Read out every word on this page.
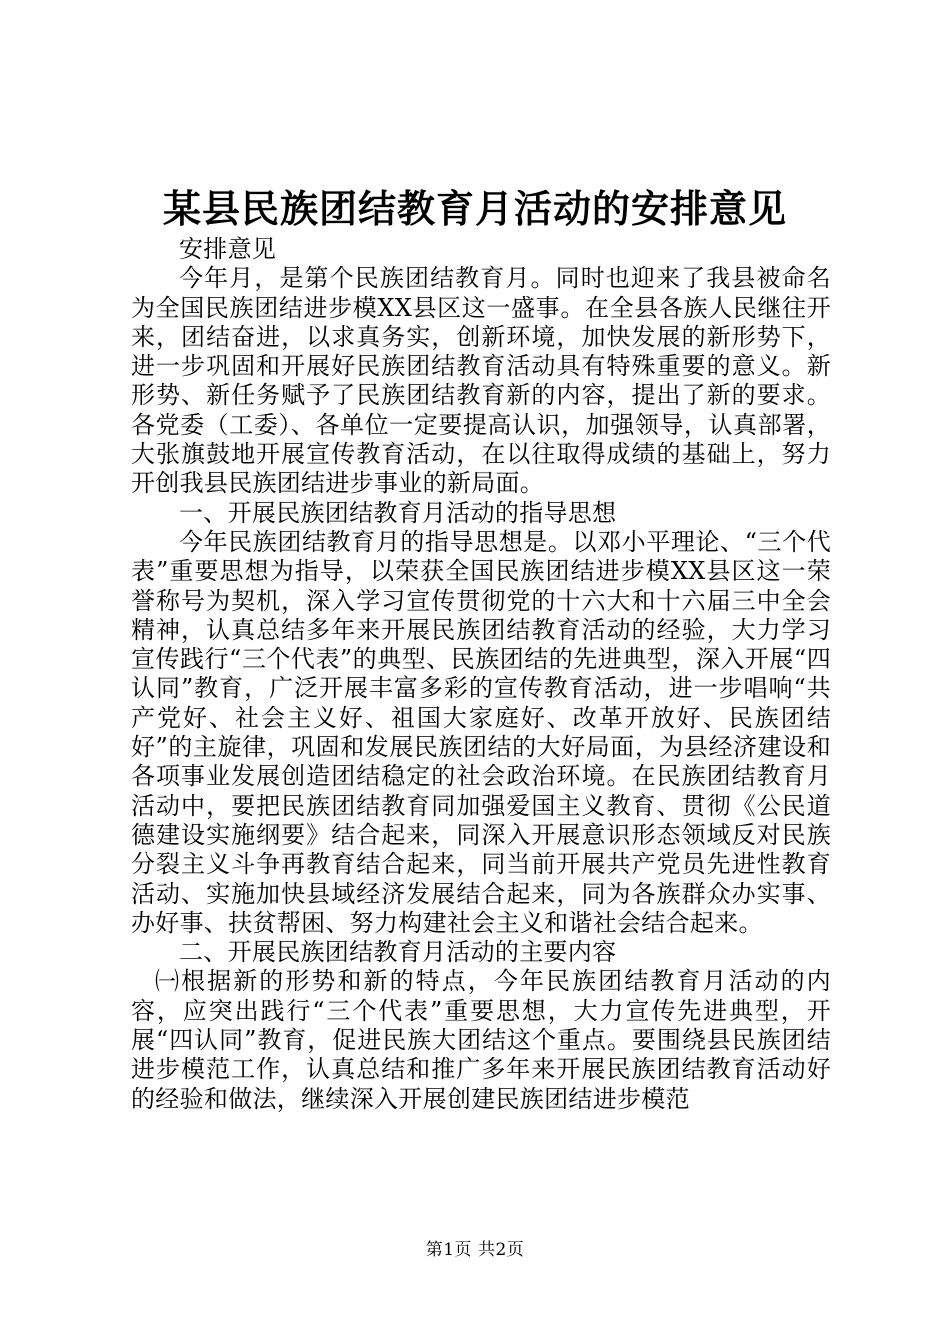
某县民族团结教育月活动的安排意见

安排意见

今年月，是第个民族团结教育月。同时也迎来了我县被命名为全国民族团结进步模XX县区这一盛事。在全县各族人民继往开来，团结奋进，以求真务实，创新环境，加快发展的新形势下，进一步巩固和开展好民族团结教育活动具有特殊重要的意义。新形势、新任务赋予了民族团结教育新的内容，提出了新的要求。各党委（工委）、各单位一定要提高认识，加强领导，认真部署，大张旗鼓地开展宣传教育活动，在以往取得成绩的基础上，努力开创我县民族团结进步事业的新局面。

一、开展民族团结教育月活动的指导思想

今年民族团结教育月的指导思想是。以邓小平理论、“三个代表”重要思想为指导，以荣获全国民族团结进步模XX县区这一荣誉称号为契机，深入学习宣传贯彻党的十六大和十六届三中全会精神，认真总结多年来开展民族团结教育活动的经验，大力学习宣传践行“三个代表”的典型、民族团结的先进典型，深入开展“四认同”教育，广泛开展丰富多彩的宣传教育活动，进一步唱响“共产党好、社会主义好、祖国大家庭好、改革开放好、民族团结好”的主旋律，巩固和发展民族团结的大好局面，为县经济建设和各项事业发展创造团结稳定的社会政治环境。在民族团结教育月活动中，要把民族团结教育同加强爱国主义教育、贯彻《公民道德建设实施纲要》结合起来，同深入开展意识形态领域反对民族分裂主义斗争再教育结合起来，同当前开展共产党员先进性教育活动、实施加快县域经济发展结合起来，同为各族群众办实事、办好事、扶贫帮困、努力构建社会主义和谐社会结合起来。

二、开展民族团结教育月活动的主要内容

㈠根据新的形势和新的特点，今年民族团结教育月活动的内容，应突出践行“三个代表”重要思想，大力宣传先进典型，开展“四认同”教育，促进民族大团结这个重点。要围绕县民族团结进步模范工作，认真总结和推广多年来开展民族团结教育活动好的经验和做法，继续深入开展创建民族团结进步模范

第1页 共2页
